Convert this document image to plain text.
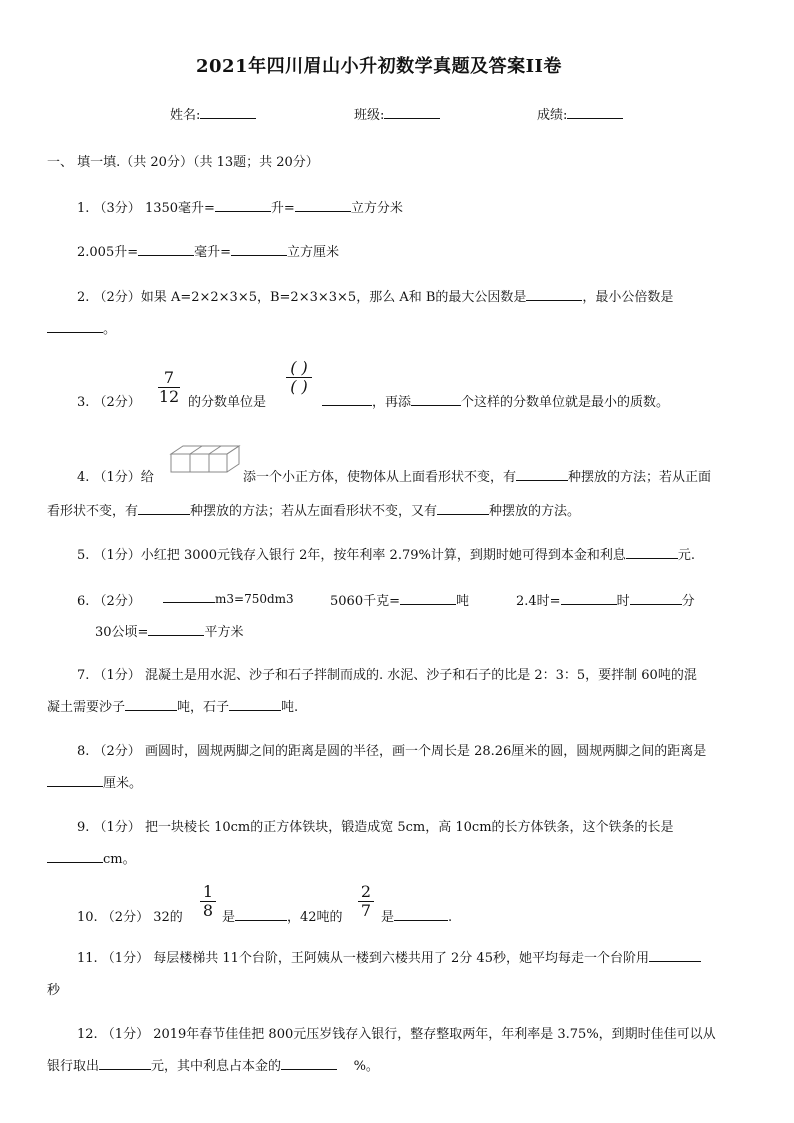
2021年四川眉山小升初数学真题及答案II卷
姓名:	班级:	成绩:
一、 填一填.（共 20分）（共 13题；共 20分）
1. （3分） 1350毫升=	升=	立方分米
2.005升=	毫升=	立方厘米
2. （2分）如果 A=2×2×3×5，B=2×3×3×5，那么 A和 B的最大公因数是	，最小公倍数是
。
3. （2分）
7
12 的分数单位是
( )
( )
，再添	个这样的分数单位就是最小的质数。
4. （1分）给	添一个小正方体，使物体从上面看形状不变，有	种摆放的方法；若从正面
看形状不变，有	种摆放的方法；若从左面看形状不变，又有	种摆放的方法。
5. （1分）小红把 3000元钱存入银行 2年，按年利率 2.79%计算，到期时她可得到本金和利息	元.
6. （2分）	m3=750dm3	5060千克=	吨	2.4时=	时	分
30公顷=	平方米
7. （1分） 混凝土是用水泥、沙子和石子拌制而成的. 水泥、沙子和石子的比是 2：3：5，要拌制 60吨的混
凝土需要沙子	吨，石子	吨.
8. （2分） 画圆时，圆规两脚之间的距离是圆的半径，画一个周长是 28.26厘米的圆，圆规两脚之间的距离是
厘米。
9. （1分） 把一块棱长 10cm的正方体铁块，锻造成宽 5cm，高 10cm的长方体铁条，这个铁条的长是
cm。
10. （2分） 32的
1
8 是	，42吨的
2
7 是	.
11. （1分） 每层楼梯共 11个台阶，王阿姨从一楼到六楼共用了 2分 45秒，她平均每走一个台阶用
秒
12. （1分） 2019年春节佳佳把 800元压岁钱存入银行，整存整取两年，年利率是 3.75%，到期时佳佳可以从
银行取出	元，其中利息占本金的	%。
